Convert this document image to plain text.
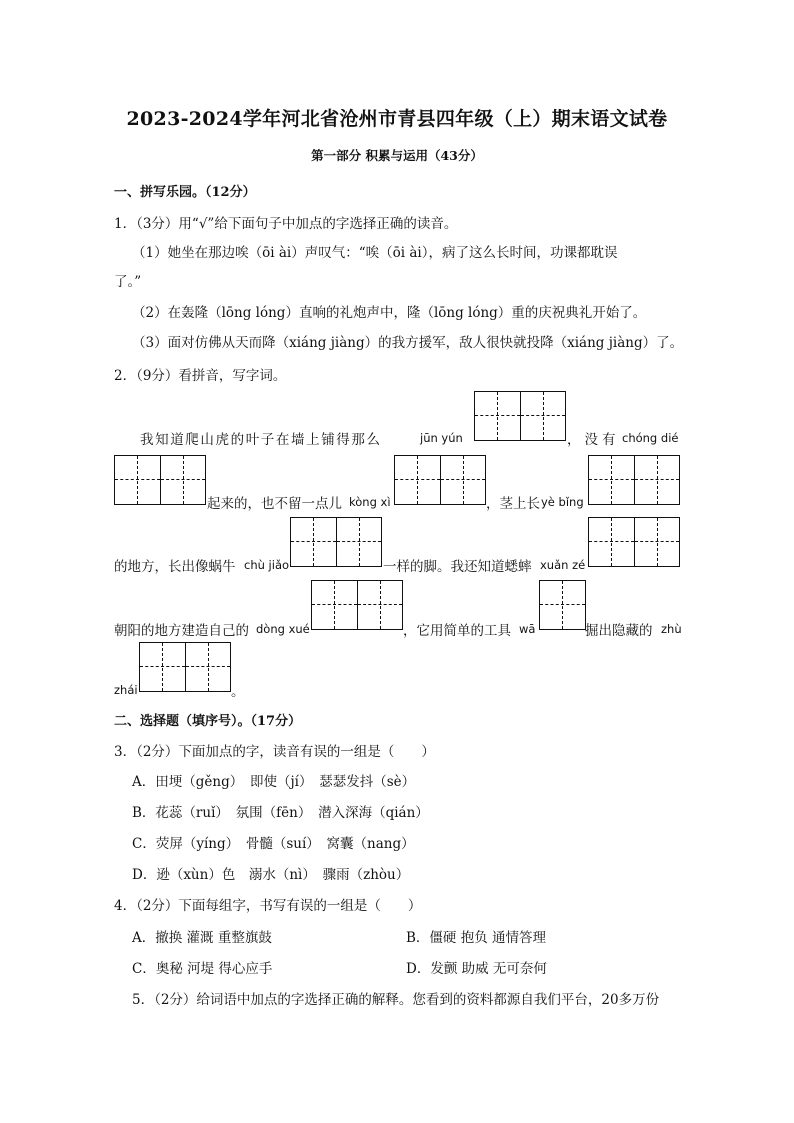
2023-2024学年河北省沧州市青县四年级（上）期末语文试卷
第一部分 积累与运用（43分）
一、拼写乐园。（12分）
1．（3分）用“√”给下面句子中加点的字选择正确的读音。
（1）她坐在那边唉（ōi ài）声叹气：“唉（ōi ài），病了这么长时间，功课都耽误
了。”
（2）在轰隆（lōng lóng）直响的礼炮声中，隆（lōng lóng）重的庆祝典礼开始了。
（3）面对仿佛从天而降（xiáng jiàng）的我方援军，敌人很快就投降（xiáng jiàng）了。
2．（9分）看拼音，写字词。
我知道爬山虎的叶子在墙上铺得那么	jūn yún	，没有 chóng dié
起来的，也不留一点儿 kòng xì	，茎上长 yè bǐng
的地方，长出像蜗牛 chù jiǎo	一样的脚。我还知道蟋蟀 xuǎn zé
朝阳的地方建造自己的 dòng xué	，它用简单的工具 wā	掘出隐藏的 zhù
zhái	。
二、选择题（填序号）。（17分）
3．（2分）下面加点的字，读音有误的一组是（　　）
A．田埂（gěng）　即使（jí）　瑟瑟发抖（sè）
B．花蕊（ruǐ）　氛围（fēn）　潜入深海（qián）
C．荧屏（yíng）　骨髓（suí）　窝囊（nang）
D．逊（xùn）色　溺水（nì）　骤雨（zhòu）
4．（2分）下面每组字，书写有误的一组是（　　）
A．撤换 灌溉 重整旗鼓	B．僵硬 抱负 通情答理
C．奥秘 河堤 得心应手	D．发颤 助威 无可奈何
5．（2分）给词语中加点的字选择正确的解释。您看到的资料都源自我们平台，20多万份
